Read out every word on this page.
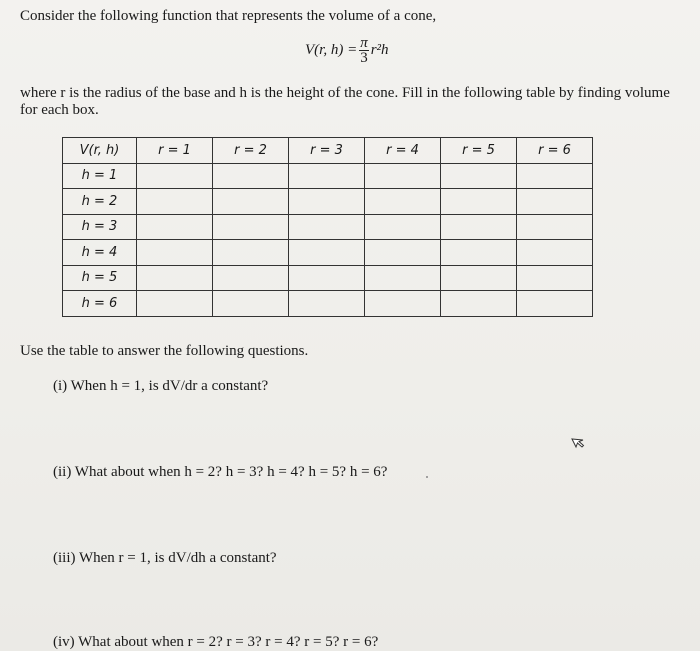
Consider the following function that represents the volume of a cone,
V(r, $h) = \frac{\pi}{3} r^2h$
where r is the radius of the base and h is the height of the cone. Fill in the following table by finding volume for each box.
V(r, h)	r = 1	r = 2	r = 3	r = 4	r = 5	r = 6
h = 1						
h = 2						
h = 3						
h = 4						
h = 5						
h = 6						
Use the table to answer the following questions.
(i) When h = 1, is dV/dr a constant?
(ii) What about when h = 2? h = 3? h = 4? h = 5? h = 6?
(iii) When r = 1, is dV/dh a constant?
(iv) What about when r = 2? r = 3? r = 4? r = 5? r = 6?
